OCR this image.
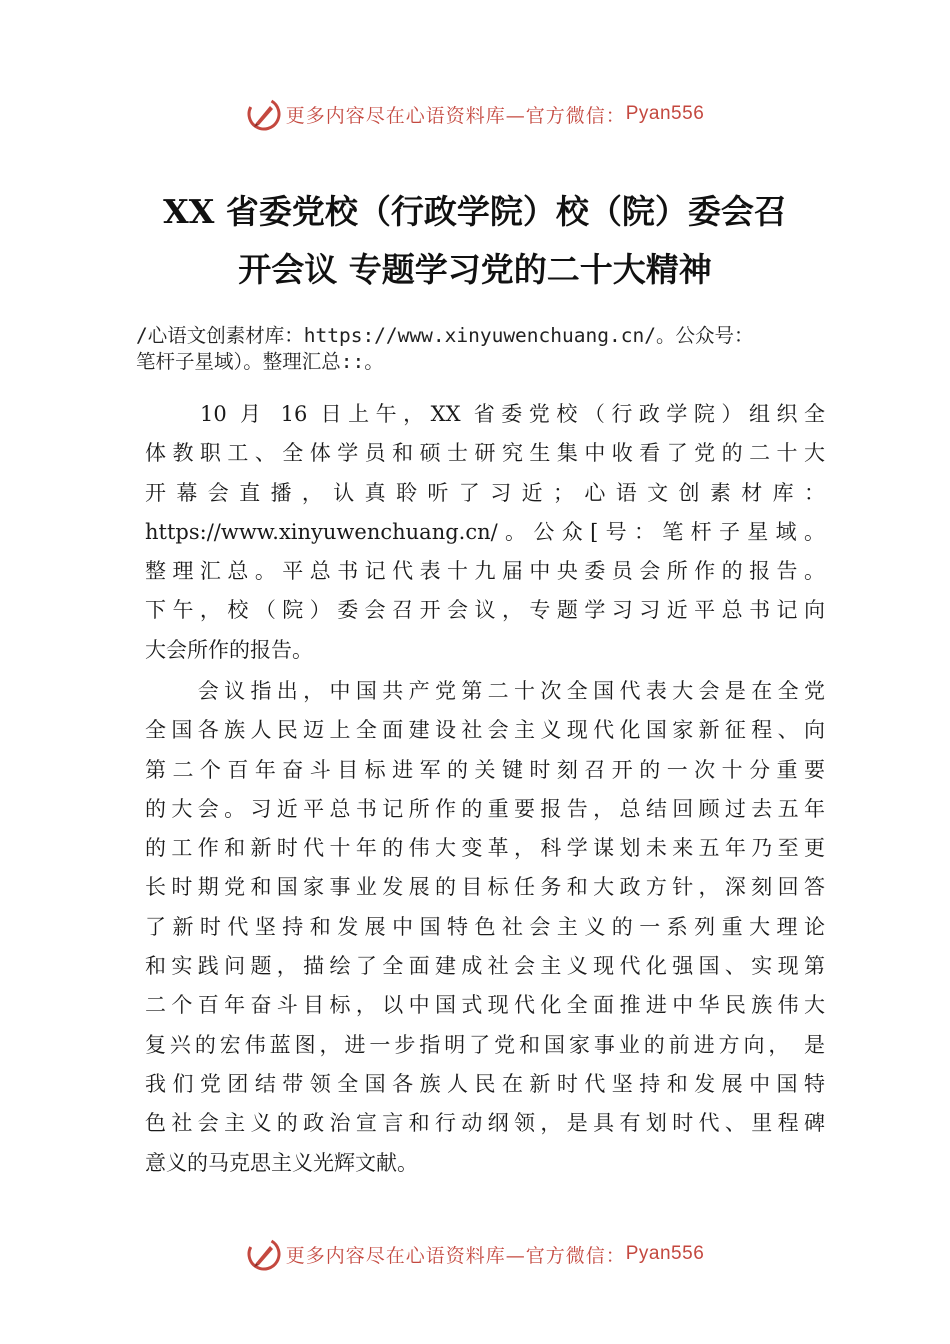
更多内容尽在心语资料库—官方微信： Pyan556
XX 省委党校（行政学院）校（院）委会召
开会议 专题学习党的二十大精神
/心语文创素材库：https://www.xinyuwenchuang.cn/。公众号：
笔杆子星域）。整理汇总::。
　　10 月 16 日上午，XX 省委党校（行政学院）组织全
体教职工、全体学员和硕士研究生集中收看了党的二十大
开幕会直播，认真聆听了习近；心语文创素材库：
https://www.xinyuwenchuang.cn/。公众[号：笔杆子星域。
整理汇总。平总书记代表十九届中央委员会所作的报告。
下午，校（院）委会召开会议，专题学习习近平总书记向
大会所作的报告。
　　会议指出，中国共产党第二十次全国代表大会是在全党
全国各族人民迈上全面建设社会主义现代化国家新征程、向
第二个百年奋斗目标进军的关键时刻召开的一次十分重要
的大会。习近平总书记所作的重要报告，总结回顾过去五年
的工作和新时代十年的伟大变革，科学谋划未来五年乃至更
长时期党和国家事业发展的目标任务和大政方针，深刻回答
了新时代坚持和发展中国特色社会主义的一系列重大理论
和实践问题，描绘了全面建成社会主义现代化强国、实现第
二个百年奋斗目标，以中国式现代化全面推进中华民族伟大
复兴的宏伟蓝图，进一步指明了党和国家事业的前进方向， 是
我们党团结带领全国各族人民在新时代坚持和发展中国特
色社会主义的政治宣言和行动纲领，是具有划时代、里程碑
意义的马克思主义光辉文献。
更多内容尽在心语资料库—官方微信： Pyan556
